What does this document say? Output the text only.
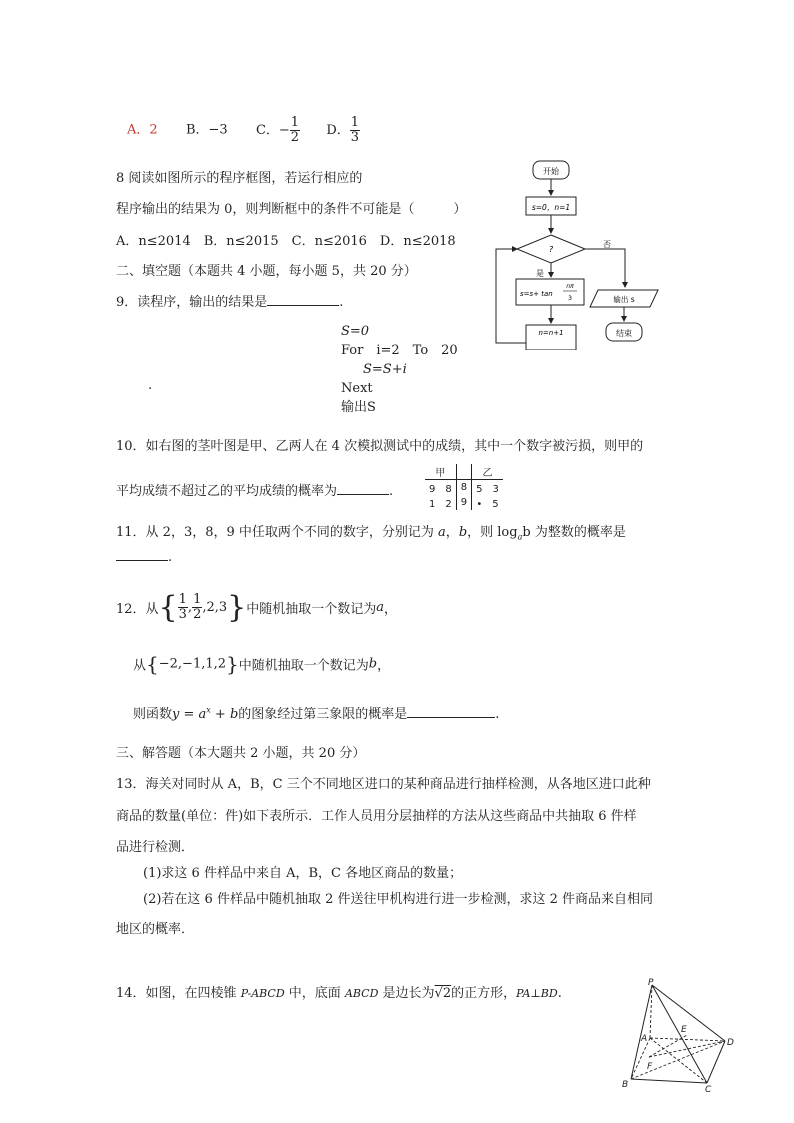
A．2 B．−3 C．− $\frac{1}{2}$ D． $\frac{1}{3}$
8 阅读如图所示的程序框图，若运行相应的
程序输出的结果为 0，则判断框中的条件不可能是（　　　）
A．n≤2014　B．n≤2015　C．n≤2016　D．n≤2018
开始
s=0，n=1
?
否
输出 s
结束
是
s=s+ tan
nπ
3
n=n+1
二、填空题（本题共 4 小题，每小题 5，共 20 分）
9．读程序，输出的结果是	.
S=0
For　i=2　To　20
S=S+i
Next
输出S
.
10．如右图的茎叶图是甲、乙两人在 4 次模拟测试中的成绩，其中一个数字被污损，则甲的
平均成绩不超过乙的平均成绩的概率为	.
甲		乙
9　8	8	5　3
1　2	9	•　5
11．从 2，3，8，9 中任取两个不同的数字，分别记为 a，b，则 $\log_ab$ 为整数的概率是
.
12．从{ $\frac{1}{3}$ , $\frac{1}{2} ,2,3$}中随机抽取一个数记为a，
从{−2,−1,1,2}中随机抽取一个数记为b，
则函数$y = a^x + b$的图象经过第三象限的概率是	.
三、解答题（本大题共 2 小题，共 20 分）
13．海关对同时从 A，B，C 三个不同地区进口的某种商品进行抽样检测，从各地区进口此种
商品的数量(单位：件)如下表所示．工作人员用分层抽样的方法从这些商品中共抽取 6 件样
品进行检测．
(1)求这 6 件样品中来自 A，B，C 各地区商品的数量；
(2)若在这 6 件样品中随机抽取 2 件送往甲机构进行进一步检测，求这 2 件商品来自相同
地区的概率．
14．如图，在四棱锥 P-ABCD 中，底面 ABCD 是边长为√2的正方形，PA⊥BD.
P
A
B	C
D
E
F
